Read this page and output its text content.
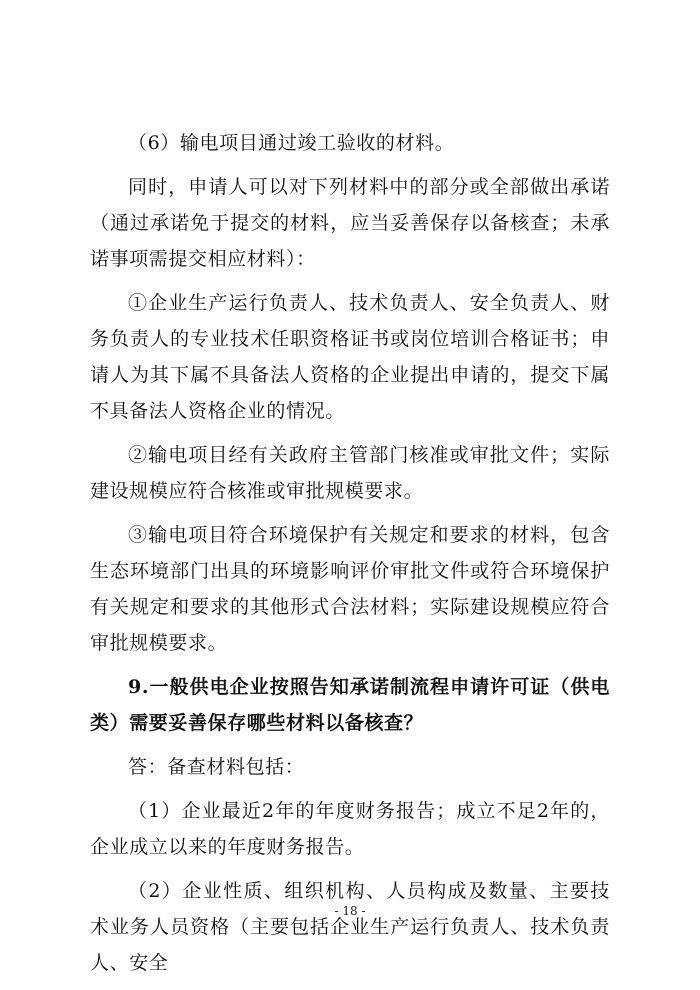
（6）输电项目通过竣工验收的材料。

同时，申请人可以对下列材料中的部分或全部做出承诺（通过承诺免于提交的材料，应当妥善保存以备核查；未承诺事项需提交相应材料）：

①企业生产运行负责人、技术负责人、安全负责人、财务负责人的专业技术任职资格证书或岗位培训合格证书；申请人为其下属不具备法人资格的企业提出申请的，提交下属不具备法人资格企业的情况。

②输电项目经有关政府主管部门核准或审批文件；实际建设规模应符合核准或审批规模要求。

③输电项目符合环境保护有关规定和要求的材料，包含生态环境部门出具的环境影响评价审批文件或符合环境保护有关规定和要求的其他形式合法材料；实际建设规模应符合审批规模要求。

9.一般供电企业按照告知承诺制流程申请许可证（供电类）需要妥善保存哪些材料以备核查？

答：备查材料包括：

（1）企业最近2年的年度财务报告；成立不足2年的，企业成立以来的年度财务报告。

（2）企业性质、组织机构、人员构成及数量、主要技术业务人员资格（主要包括企业生产运行负责人、技术负责人、安全

- 18 -
